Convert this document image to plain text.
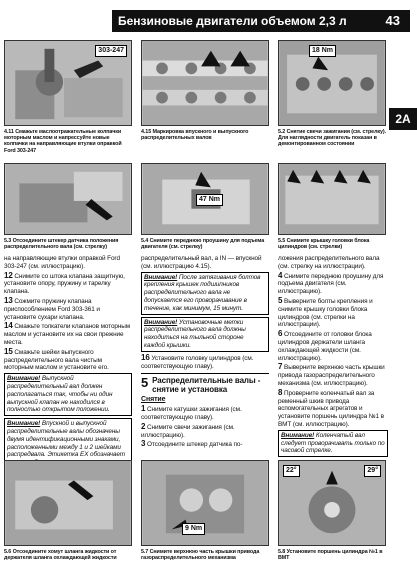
Бензиновые двигатели объемом 2,3 л	43
2A
303-247	18 Nm
4.11 Смажьте маслоотражательные колпачки моторным маслом и напрессуйте новые колпачки на направляющие втулки оправкой Ford 303-247
4.15 Маркировка впускного и выпускного распределительных валов
5.2 Снятие свечи зажигания (см. стрелку). Для наглядности двигатель показан в демонтированном состоянии
47 Nm
5.3 Отсоедините штекер датчика положения распределительного вала (см. стрелку)
5.4 Снимите переднюю проушину для подъема двигателя (см. стрелку)
5.5 Снимите крышку головки блока цилиндров (см. стрелки)

на направляющие втулки оправкой Ford 303-247 (см. иллюстрацию).

12 Снимите со штока клапана защитную, установите опору, пружину и тарелку клапана.

13 Сожмите пружину клапана приспособлением Ford 303-361 и установите сухари клапана.

14 Смажьте толкатели клапанов моторным маслом и установите их на свои прежние места.

15 Смажьте шейки выпускного распределительного вала чистым моторным маслом и установите его.

Внимание! Выпускной распределительный вал должен располагаться так, чтобы ни один выпускной клапан не находился в полностью открытом положении.
Внимание! Впускной и выпускной распределительные валы обозначены двумя идентификационными знаками, расположенными между 1 и 2 шейками распредвала. Этикетка EX обозначает

распределительный вал, а IN — впускной (см. иллюстрацию 4.15).

Внимание! После затягивания болтов крепления крышек подшипников распределительного вала не допускается его проворачивание в течение, как минимум, 15 минут.
Внимание! Установочные метки распределительного вала должны находиться на тыльной стороне каждой крышки.

16 Установите головку цилиндров (см. соответствующую главу).

5 Распределительные валы - снятие и установка
Снятие

1 Снимите катушки зажигания (см. соответствующую главу).

2 Снимите свечи зажигания (см. иллюстрацию).

3 Отсоедините штекер датчика по-

ложения распределительного вала (см. стрелку на иллюстрации).

4 Снимите переднюю проушину для подъема двигателя (см. иллюстрацию).

5 Выверните болты крепления и снимите крышку головки блока цилиндров (см. стрелки на иллюстрации).

6 Отсоедините от головки блока цилиндров держатели шланга охлаждающей жидкости (см. иллюстрацию).

7 Выверните верхнюю часть крышки привода газораспределительного механизма (см. иллюстрацию).

8 Проверните коленчатый вал за ременный шкив привода вспомогательных агрегатов и установите поршень цилиндра №1 в ВМТ (см. иллюстрацию).

Внимание! Коленчатый вал следует проворачивать только по часовой стрелке.
9 Nm
22°	29°
5.6 Отсоедините хомут шланга жидкости от держателя шланга охлаждающей жидкости
5.7 Снимите верхнюю часть крышки привода газораспределительного механизма
5.8 Установите поршень цилиндра №1 в ВМТ
